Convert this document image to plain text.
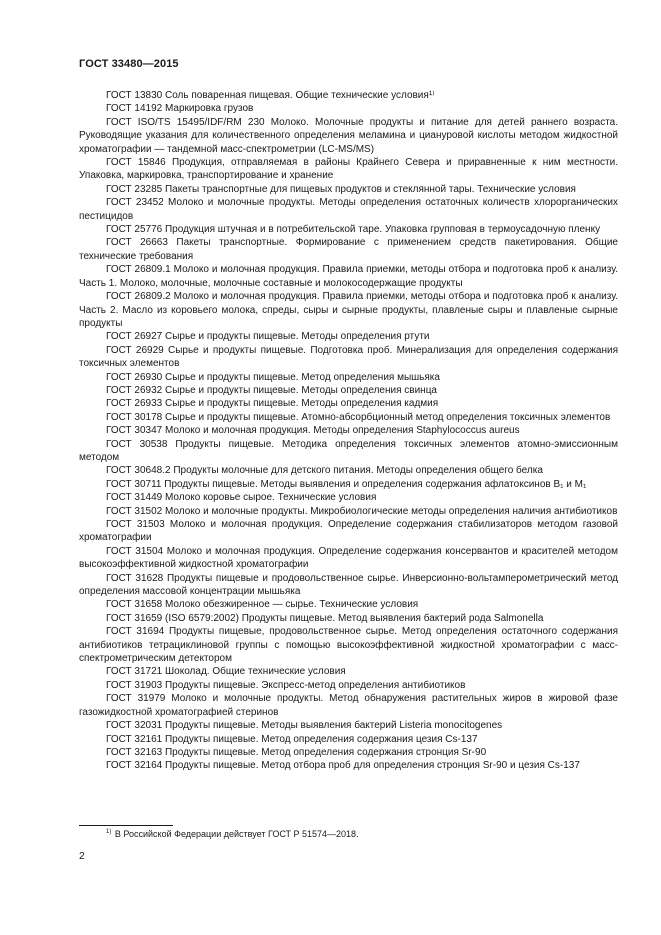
ГОСТ 33480—2015

ГОСТ 13830 Соль поваренная пищевая. Общие технические условия¹⁾

ГОСТ 14192 Маркировка грузов

ГОСТ ISO/TS 15495/IDF/RM 230 Молоко. Молочные продукты и питание для детей раннего возраста. Руководящие указания для количественного определения меламина и циануровой кислоты методом жидкостной хроматографии — тандемной масс-спектрометрии (LC-MS/MS)

ГОСТ 15846 Продукция, отправляемая в районы Крайнего Севера и приравненные к ним местности. Упаковка, маркировка, транспортирование и хранение

ГОСТ 23285 Пакеты транспортные для пищевых продуктов и стеклянной тары. Технические условия

ГОСТ 23452 Молоко и молочные продукты. Методы определения остаточных количеств хлорорганических пестицидов

ГОСТ 25776 Продукция штучная и в потребительской таре. Упаковка групповая в термоусадочную пленку

ГОСТ 26663 Пакеты транспортные. Формирование с применением средств пакетирования. Общие технические требования

ГОСТ 26809.1 Молоко и молочная продукция. Правила приемки, методы отбора и подготовка проб к анализу. Часть 1. Молоко, молочные, молочные составные и молокосодержащие продукты

ГОСТ 26809.2 Молоко и молочная продукция. Правила приемки, методы отбора и подготовка проб к анализу. Часть 2. Масло из коровьего молока, спреды, сыры и сырные продукты, плавленые сыры и плавленые сырные продукты

ГОСТ 26927 Сырье и продукты пищевые. Методы определения ртути

ГОСТ 26929 Сырье и продукты пищевые. Подготовка проб. Минерализация для определения содержания токсичных элементов

ГОСТ 26930 Сырье и продукты пищевые. Метод определения мышьяка

ГОСТ 26932 Сырье и продукты пищевые. Методы определения свинца

ГОСТ 26933 Сырье и продукты пищевые. Методы определения кадмия

ГОСТ 30178 Сырье и продукты пищевые. Атомно-абсорбционный метод определения токсичных элементов

ГОСТ 30347 Молоко и молочная продукция. Методы определения Staphylococcus aureus

ГОСТ 30538 Продукты пищевые. Методика определения токсичных элементов атомно-эмиссионным методом

ГОСТ 30648.2 Продукты молочные для детского питания. Методы определения общего белка

ГОСТ 30711 Продукты пищевые. Методы выявления и определения содержания афлатоксинов B₁ и M₁

ГОСТ 31449 Молоко коровье сырое. Технические условия

ГОСТ 31502 Молоко и молочные продукты. Микробиологические методы определения наличия антибиотиков

ГОСТ 31503 Молоко и молочная продукция. Определение содержания стабилизаторов методом газовой хроматографии

ГОСТ 31504 Молоко и молочная продукция. Определение содержания консервантов и красителей методом высокоэффективной жидкостной хроматографии

ГОСТ 31628 Продукты пищевые и продовольственное сырье. Инверсионно-вольтамперометрический метод определения массовой концентрации мышьяка

ГОСТ 31658 Молоко обезжиренное — сырье. Технические условия

ГОСТ 31659 (ISO 6579:2002) Продукты пищевые. Метод выявления бактерий рода Salmonella

ГОСТ 31694 Продукты пищевые, продовольственное сырье. Метод определения остаточного содержания антибиотиков тетрациклиновой группы с помощью высокоэффективной жидкостной хроматографии с масс-спектрометрическим детектором

ГОСТ 31721 Шоколад. Общие технические условия

ГОСТ 31903 Продукты пищевые. Экспресс-метод определения антибиотиков

ГОСТ 31979 Молоко и молочные продукты. Метод обнаружения растительных жиров в жировой фазе газожидкостной хроматографией стеринов

ГОСТ 32031 Продукты пищевые. Методы выявления бактерий Listeria monocitogenes

ГОСТ 32161 Продукты пищевые. Метод определения содержания цезия Cs-137

ГОСТ 32163 Продукты пищевые. Метод определения содержания стронция Sr-90

ГОСТ 32164 Продукты пищевые. Метод отбора проб для определения стронция Sr-90 и цезия Cs-137

$^{1)}$ В Российской Федерации действует ГОСТ Р 51574—2018.
2
